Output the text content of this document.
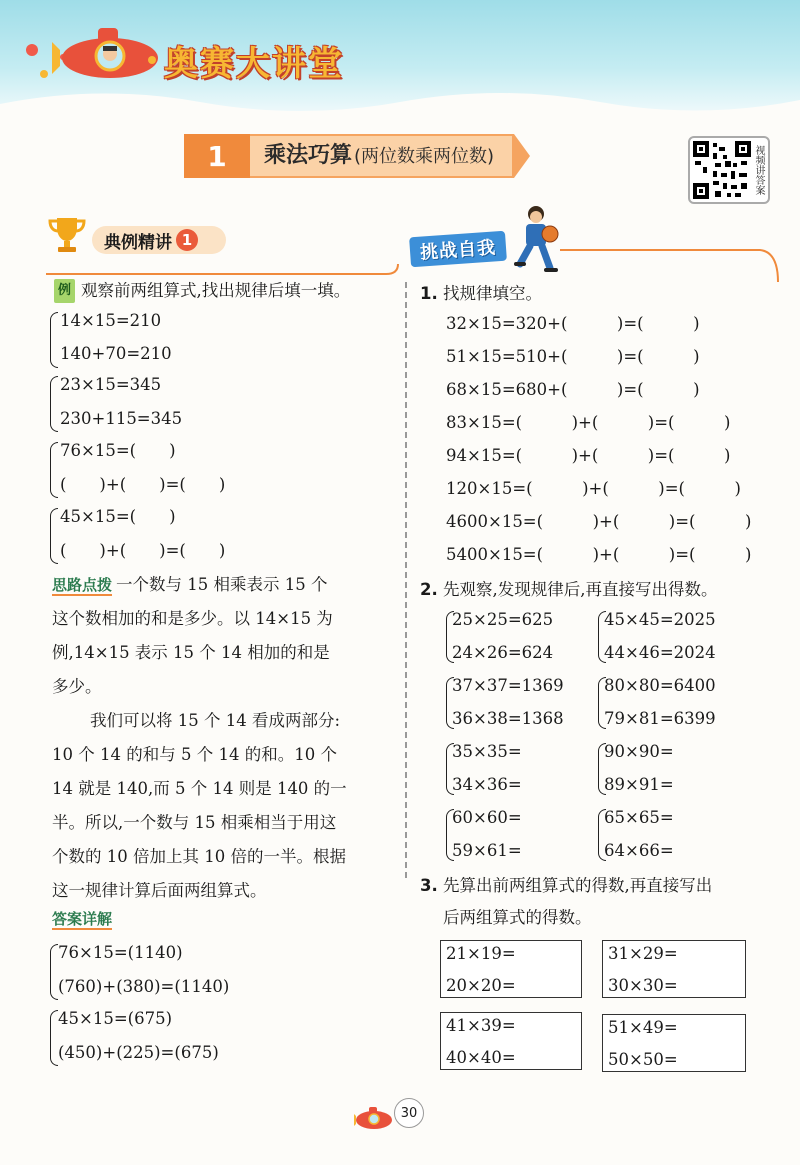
奥赛大讲堂
1	乘法巧算 (两位数乘两位数)	视频讲答案
典例精讲 1	挑战自我
例 观察前两组算式,找出规律后填一填。
14×15=210
140+70=210
23×15=345
230+115=345
76×15=(　　)
(　　)+(　　)=(　　)
45×15=(　　)
(　　)+(　　)=(　　)
思路点拨 一个数与 15 相乘表示 15 个
这个数相加的和是多少。以 14×15 为
例,14×15 表示 15 个 14 相加的和是
多少。
我们可以将 15 个 14 看成两部分:
10 个 14 的和与 5 个 14 的和。10 个
14 就是 140,而 5 个 14 则是 140 的一
半。所以,一个数与 15 相乘相当于用这
个数的 10 倍加上其 10 倍的一半。根据
这一规律计算后面两组算式。
答案详解
76×15=(1140)
(760)+(380)=(1140)
45×15=(675)
(450)+(225)=(675)
1. 找规律填空。
32×15=320+(　　　)=(　　　)
51×15=510+(　　　)=(　　　)
68×15=680+(　　　)=(　　　)
83×15=(　　　)+(　　　)=(　　　)
94×15=(　　　)+(　　　)=(　　　)
120×15=(　　　)+(　　　)=(　　　)
4600×15=(　　　)+(　　　)=(　　　)
5400×15=(　　　)+(　　　)=(　　　)
2. 先观察,发现规律后,再直接写出得数。
25×25=625
24×26=624
45×45=2025
44×46=2024
37×37=1369
36×38=1368
80×80=6400
79×81=6399
35×35=
34×36=
90×90=
89×91=
60×60=
59×61=
65×65=
64×66=
3. 先算出前两组算式的得数,再直接写出
后两组算式的得数。
21×19=
20×20=
31×29=
30×30=
41×39=
40×40=
51×49=
50×50=
30
